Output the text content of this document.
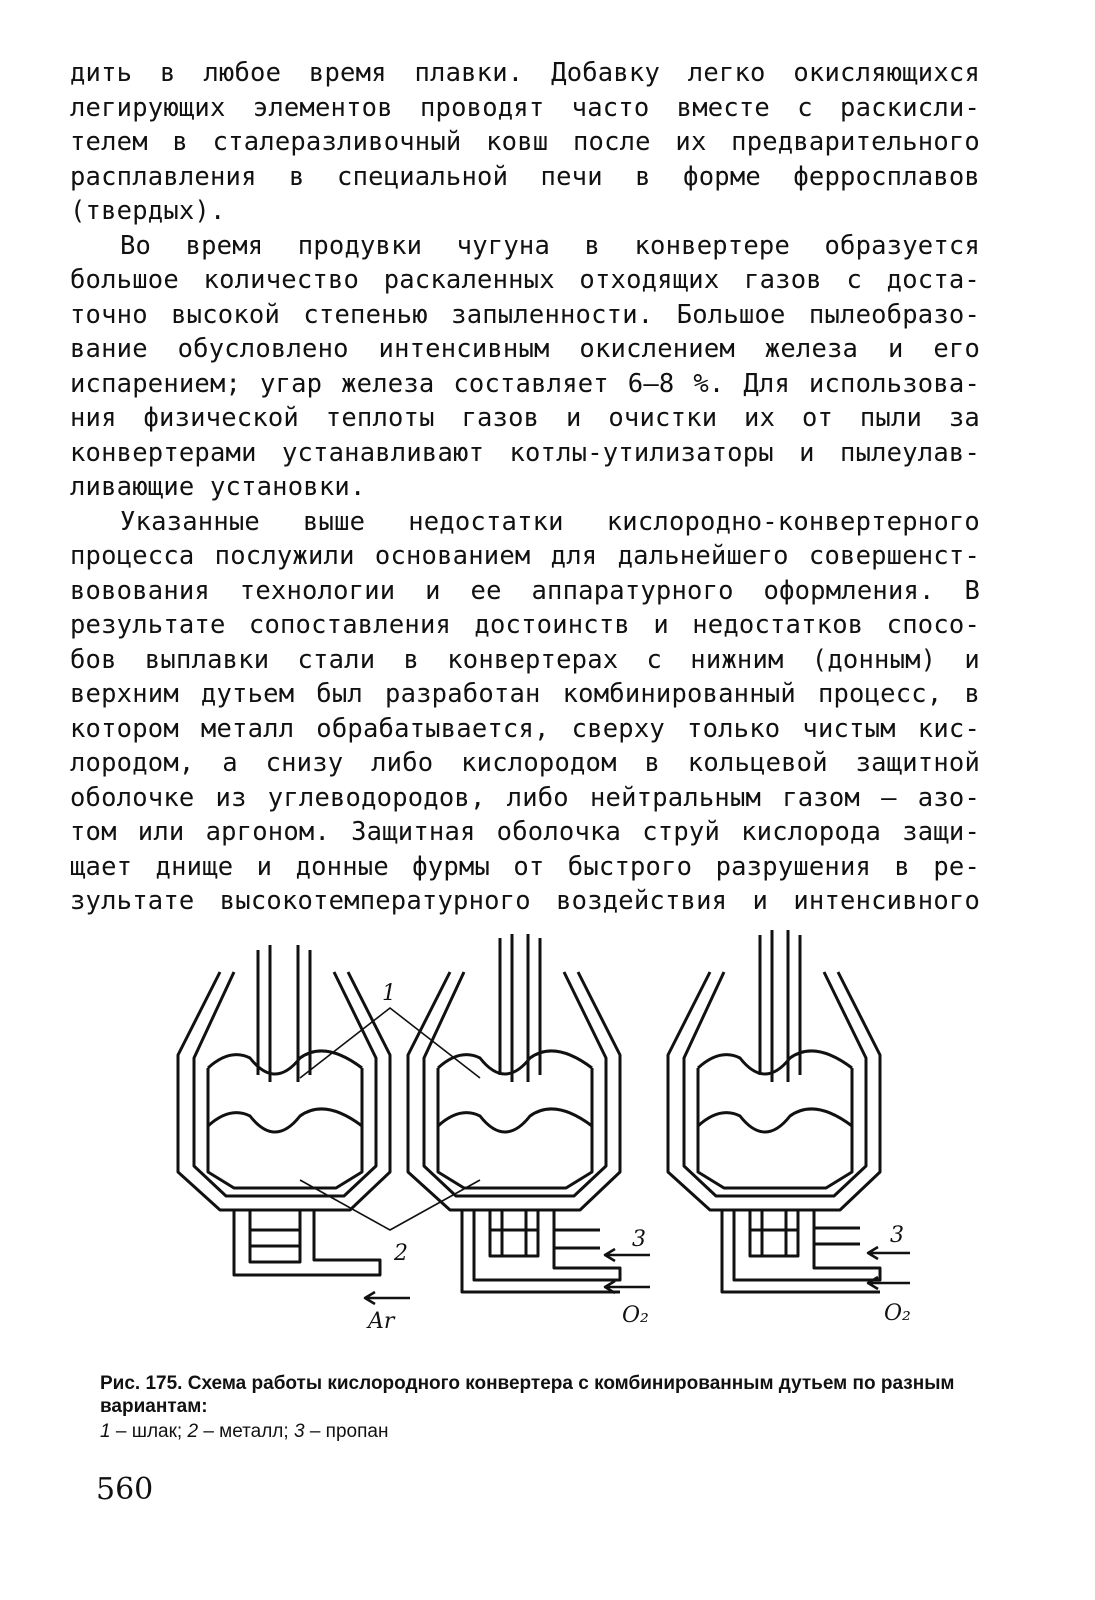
дить в любое время плавки. Добавку легко окисляющихся
легирующих элементов проводят часто вместе с раскисли-
телем в сталеразливочный ковш после их предварительного
расплавления в специальной печи в форме ферросплавов
(твердых).
Во время продувки чугуна в конвертере образуется
большое количество раскаленных отходящих газов с доста-
точно высокой степенью запыленности. Большое пылеобразо-
вание обусловлено интенсивным окислением железа и его
испарением; угар железа составляет 6–8 %. Для использова-
ния физической теплоты газов и очистки их от пыли за
конвертерами устанавливают котлы-утилизаторы и пылеулав-
ливающие установки.
Указанные выше недостатки кислородно-конвертерного
процесса послужили основанием для дальнейшего совершенст-
вовования технологии и ее аппаратурного оформления. В
результате сопоставления достоинств и недостатков спосо-
бов выплавки стали в конвертерах с нижним (донным) и
верхним дутьем был разработан комбинированный процесс, в
котором металл обрабатывается, сверху только чистым кис-
лородом, а снизу либо кислородом в кольцевой защитной
оболочке из углеводородов, либо нейтральным газом – азо-
том или аргоном. Защитная оболочка струй кислорода защи-
щает днище и донные фурмы от быстрого разрушения в ре-
зультате высокотемпературного воздействия и интенсивного
1
2
3	3
Ar	O₂	O₂
Рис. 175. Схема работы кислородного конвертера с комбинированным дутьем по разным вариантам:
1 – шлак; 2 – металл; 3 – пропан
560
